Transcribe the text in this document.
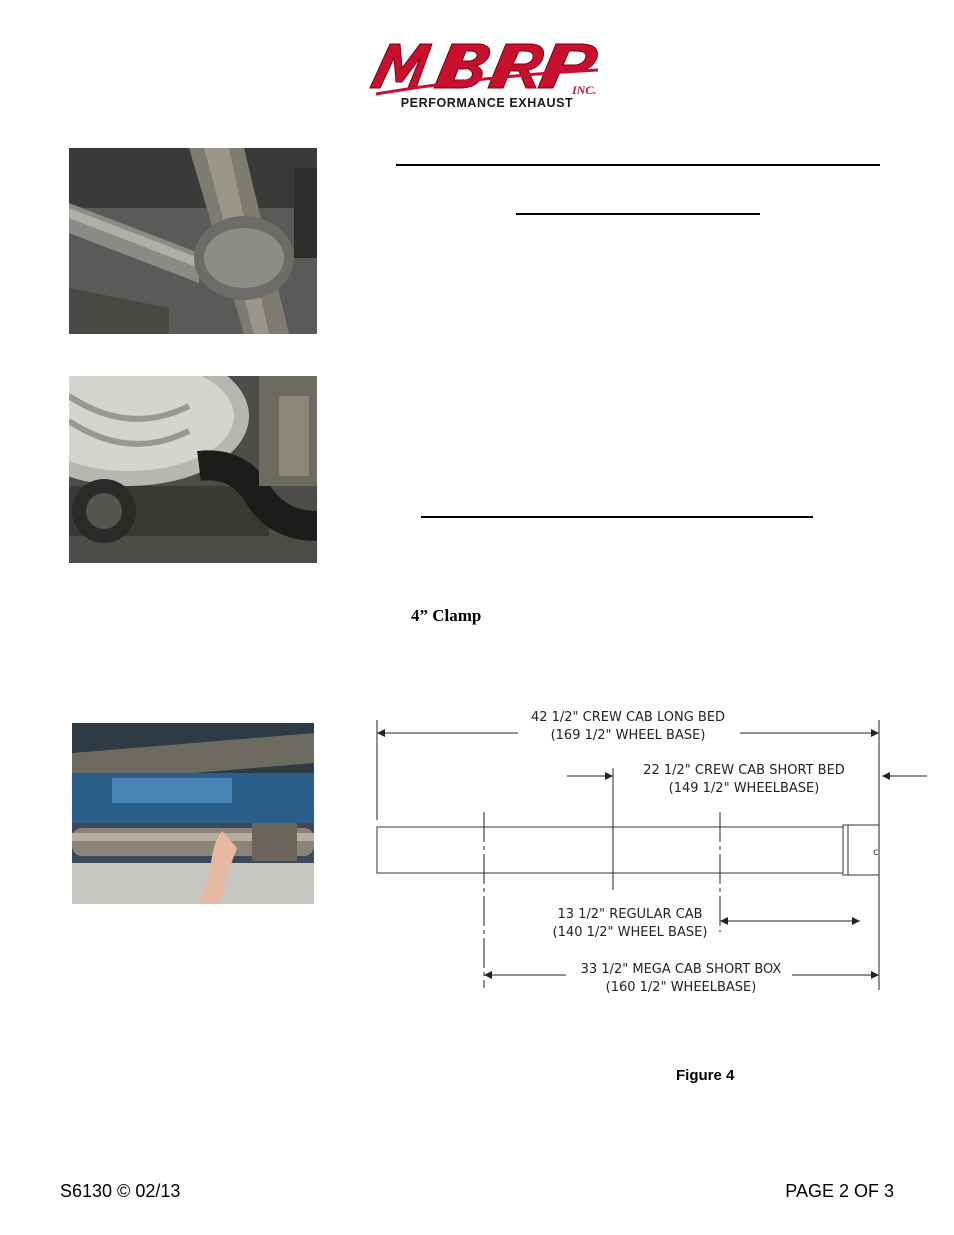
INC.
PERFORMANCE EXHAUST
4” Clamp
c
42 1/2" CREW CAB LONG BED
(169 1/2" WHEEL BASE)
22 1/2" CREW CAB SHORT BED
(149 1/2" WHEELBASE)
13 1/2" REGULAR CAB
(140 1/2" WHEEL BASE)
33 1/2" MEGA CAB SHORT BOX
(160 1/2" WHEELBASE)
Figure 4
S6130 © 02/13	PAGE 2 OF 3
